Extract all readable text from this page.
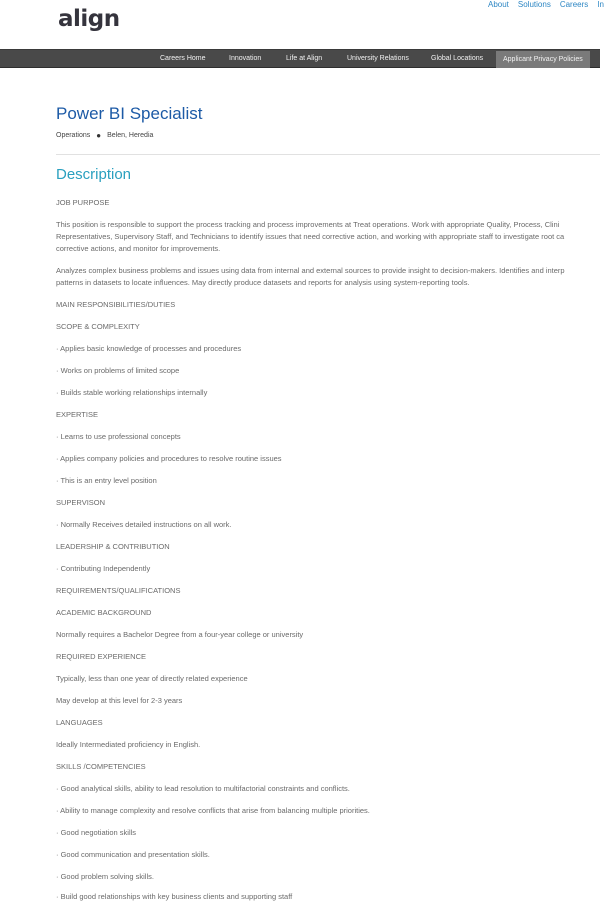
align
About Solutions Careers In
Careers Home	Innovation	Life at Align	University Relations	Global Locations	Applicant Privacy Policies
Power BI Specialist
Operations ● Belen, Heredia
Description
JOB PURPOSE
This position is responsible to support the process tracking and process improvements at Treat operations. Work with appropriate Quality, Process, Clini
Representatives, Supervisory Staff, and Technicians to identify issues that need corrective action, and working with appropriate staff to investigate root ca
corrective actions, and monitor for improvements.
Analyzes complex business problems and issues using data from internal and external sources to provide insight to decision-makers. Identifies and interp
patterns in datasets to locate influences. May directly produce datasets and reports for analysis using system-reporting tools.
MAIN RESPONSIBILITIES/DUTIES
SCOPE & COMPLEXITY
· Applies basic knowledge of processes and procedures
· Works on problems of limited scope
· Builds stable working relationships internally
EXPERTISE
· Learns to use professional concepts
· Applies company policies and procedures to resolve routine issues
· This is an entry level position
SUPERVISON
· Normally Receives detailed instructions on all work.
LEADERSHIP & CONTRIBUTION
· Contributing Independently
REQUIREMENTS/QUALIFICATIONS
ACADEMIC BACKGROUND
Normally requires a Bachelor Degree from a four-year college or university
REQUIRED EXPERIENCE
Typically, less than one year of directly related experience
May develop at this level for 2-3 years
LANGUAGES
Ideally Intermediated proficiency in English.
SKILLS /COMPETENCIES
· Good analytical skills, ability to lead resolution to multifactorial constraints and conflicts.
· Ability to manage complexity and resolve conflicts that arise from balancing multiple priorities.
· Good negotiation skills
· Good communication and presentation skills.
· Good problem solving skills.
· Build good relationships with key business clients and supporting staff
